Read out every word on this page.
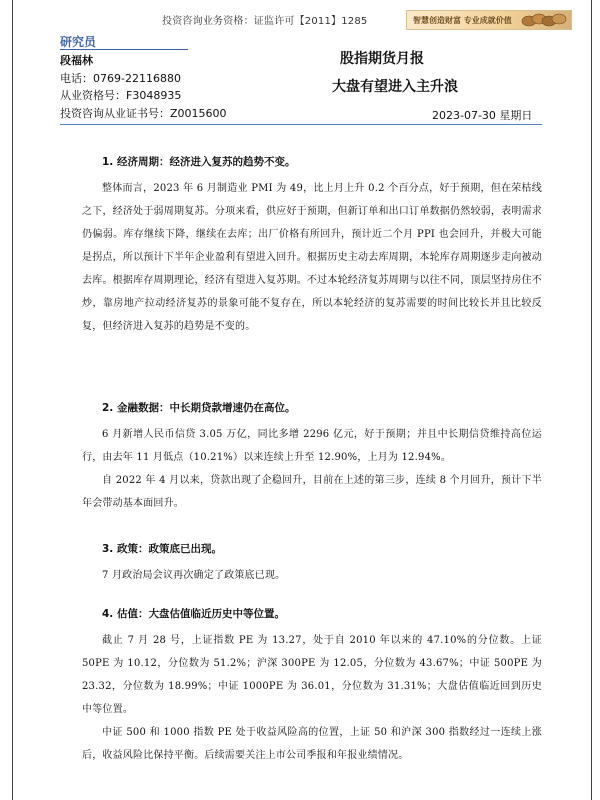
投资咨询业务资格：证监许可【2011】1285	智慧创造财富 专业成就价值
研究员
段福林
电话：0769-22116880
从业资格号：F3048935
投资咨询从业证书号：Z0015600
股指期货月报
大盘有望进入主升浪
2023-07-30 星期日
1. 经济周期：经济进入复苏的趋势不变。

整体而言，2023 年 6 月制造业 PMI 为 49，比上月上升 0.2 个百分点，好于预期，但在荣枯线之下，经济处于弱周期复苏。分项来看，供应好于预期，但新订单和出口订单数据仍然较弱，表明需求仍偏弱。库存继续下降，继续在去库；出厂价格有所回升，预计近二个月 PPI 也会回升，并极大可能是拐点，所以预计下半年企业盈利有望进入回升。根据历史主动去库周期，本轮库存周期逐步走向被动去库。根据库存周期理论，经济有望进入复苏期。不过本轮经济复苏周期与以往不同，顶层坚持房住不炒，靠房地产拉动经济复苏的景象可能不复存在，所以本轮经济的复苏需要的时间比较长并且比较反复，但经济进入复苏的趋势是不变的。

2. 金融数据：中长期贷款增速仍在高位。

6 月新增人民币信贷 3.05 万亿，同比多增 2296 亿元，好于预期；并且中长期信贷维持高位运行，由去年 11 月低点（10.21%）以来连续上升至 12.90%，上月为 12.94%。

自 2022 年 4 月以来，贷款出现了企稳回升，目前在上述的第三步，连续 8 个月回升，预计下半年会带动基本面回升。

3. 政策：政策底已出现。

7 月政治局会议再次确定了政策底已现。

4. 估值：大盘估值临近历史中等位置。

截止 7 月 28 号，上证指数 PE 为 13.27，处于自 2010 年以来的 47.10%的分位数。上证 50PE 为 10.12，分位数为 51.2%；沪深 300PE 为 12.05，分位数为 43.67%；中证 500PE 为 23.32，分位数为 18.99%；中证 1000PE 为 36.01，分位数为 31.31%；大盘估值临近回到历史中等位置。

中证 500 和 1000 指数 PE 处于收益风险高的位置，上证 50 和沪深 300 指数经过一连续上涨后，收益风险比保持平衡。后续需要关注上市公司季报和年报业绩情况。
